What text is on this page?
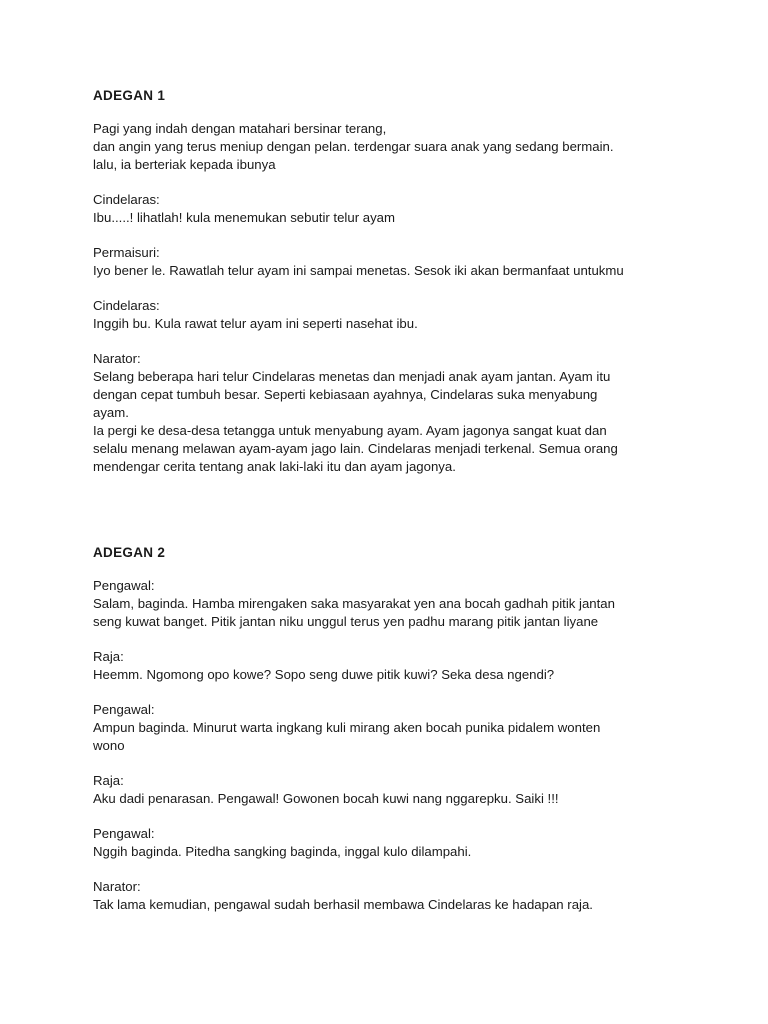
ADEGAN 1
Pagi yang indah dengan matahari bersinar terang,
dan angin yang terus meniup dengan pelan. terdengar suara anak yang sedang bermain.
lalu, ia berteriak kepada ibunya
Cindelaras:
Ibu.....! lihatlah! kula menemukan sebutir telur ayam
Permaisuri:
Iyo bener le. Rawatlah telur ayam ini sampai menetas. Sesok iki akan bermanfaat untukmu
Cindelaras:
Inggih bu. Kula rawat telur ayam ini seperti nasehat ibu.
Narator:
Selang beberapa hari telur Cindelaras menetas dan menjadi anak ayam jantan. Ayam itu
dengan cepat tumbuh besar. Seperti kebiasaan ayahnya, Cindelaras suka menyabung
ayam.
Ia pergi ke desa-desa tetangga untuk menyabung ayam. Ayam jagonya sangat kuat dan
selalu menang melawan ayam-ayam jago lain. Cindelaras menjadi terkenal. Semua orang
mendengar cerita tentang anak laki-laki itu dan ayam jagonya.
ADEGAN 2
Pengawal:
Salam, baginda. Hamba mirengaken saka masyarakat yen ana bocah gadhah pitik jantan
seng kuwat banget. Pitik jantan niku unggul terus yen padhu marang pitik jantan liyane
Raja:
Heemm. Ngomong opo kowe? Sopo seng duwe pitik kuwi? Seka desa ngendi?
Pengawal:
Ampun baginda. Minurut warta ingkang kuli mirang aken bocah punika pidalem wonten
wono
Raja:
Aku dadi penarasan. Pengawal! Gowonen bocah kuwi nang nggarepku. Saiki !!!
Pengawal:
Nggih baginda. Pitedha sangking baginda, inggal kulo dilampahi.
Narator:
Tak lama kemudian, pengawal sudah berhasil membawa Cindelaras ke hadapan raja.
